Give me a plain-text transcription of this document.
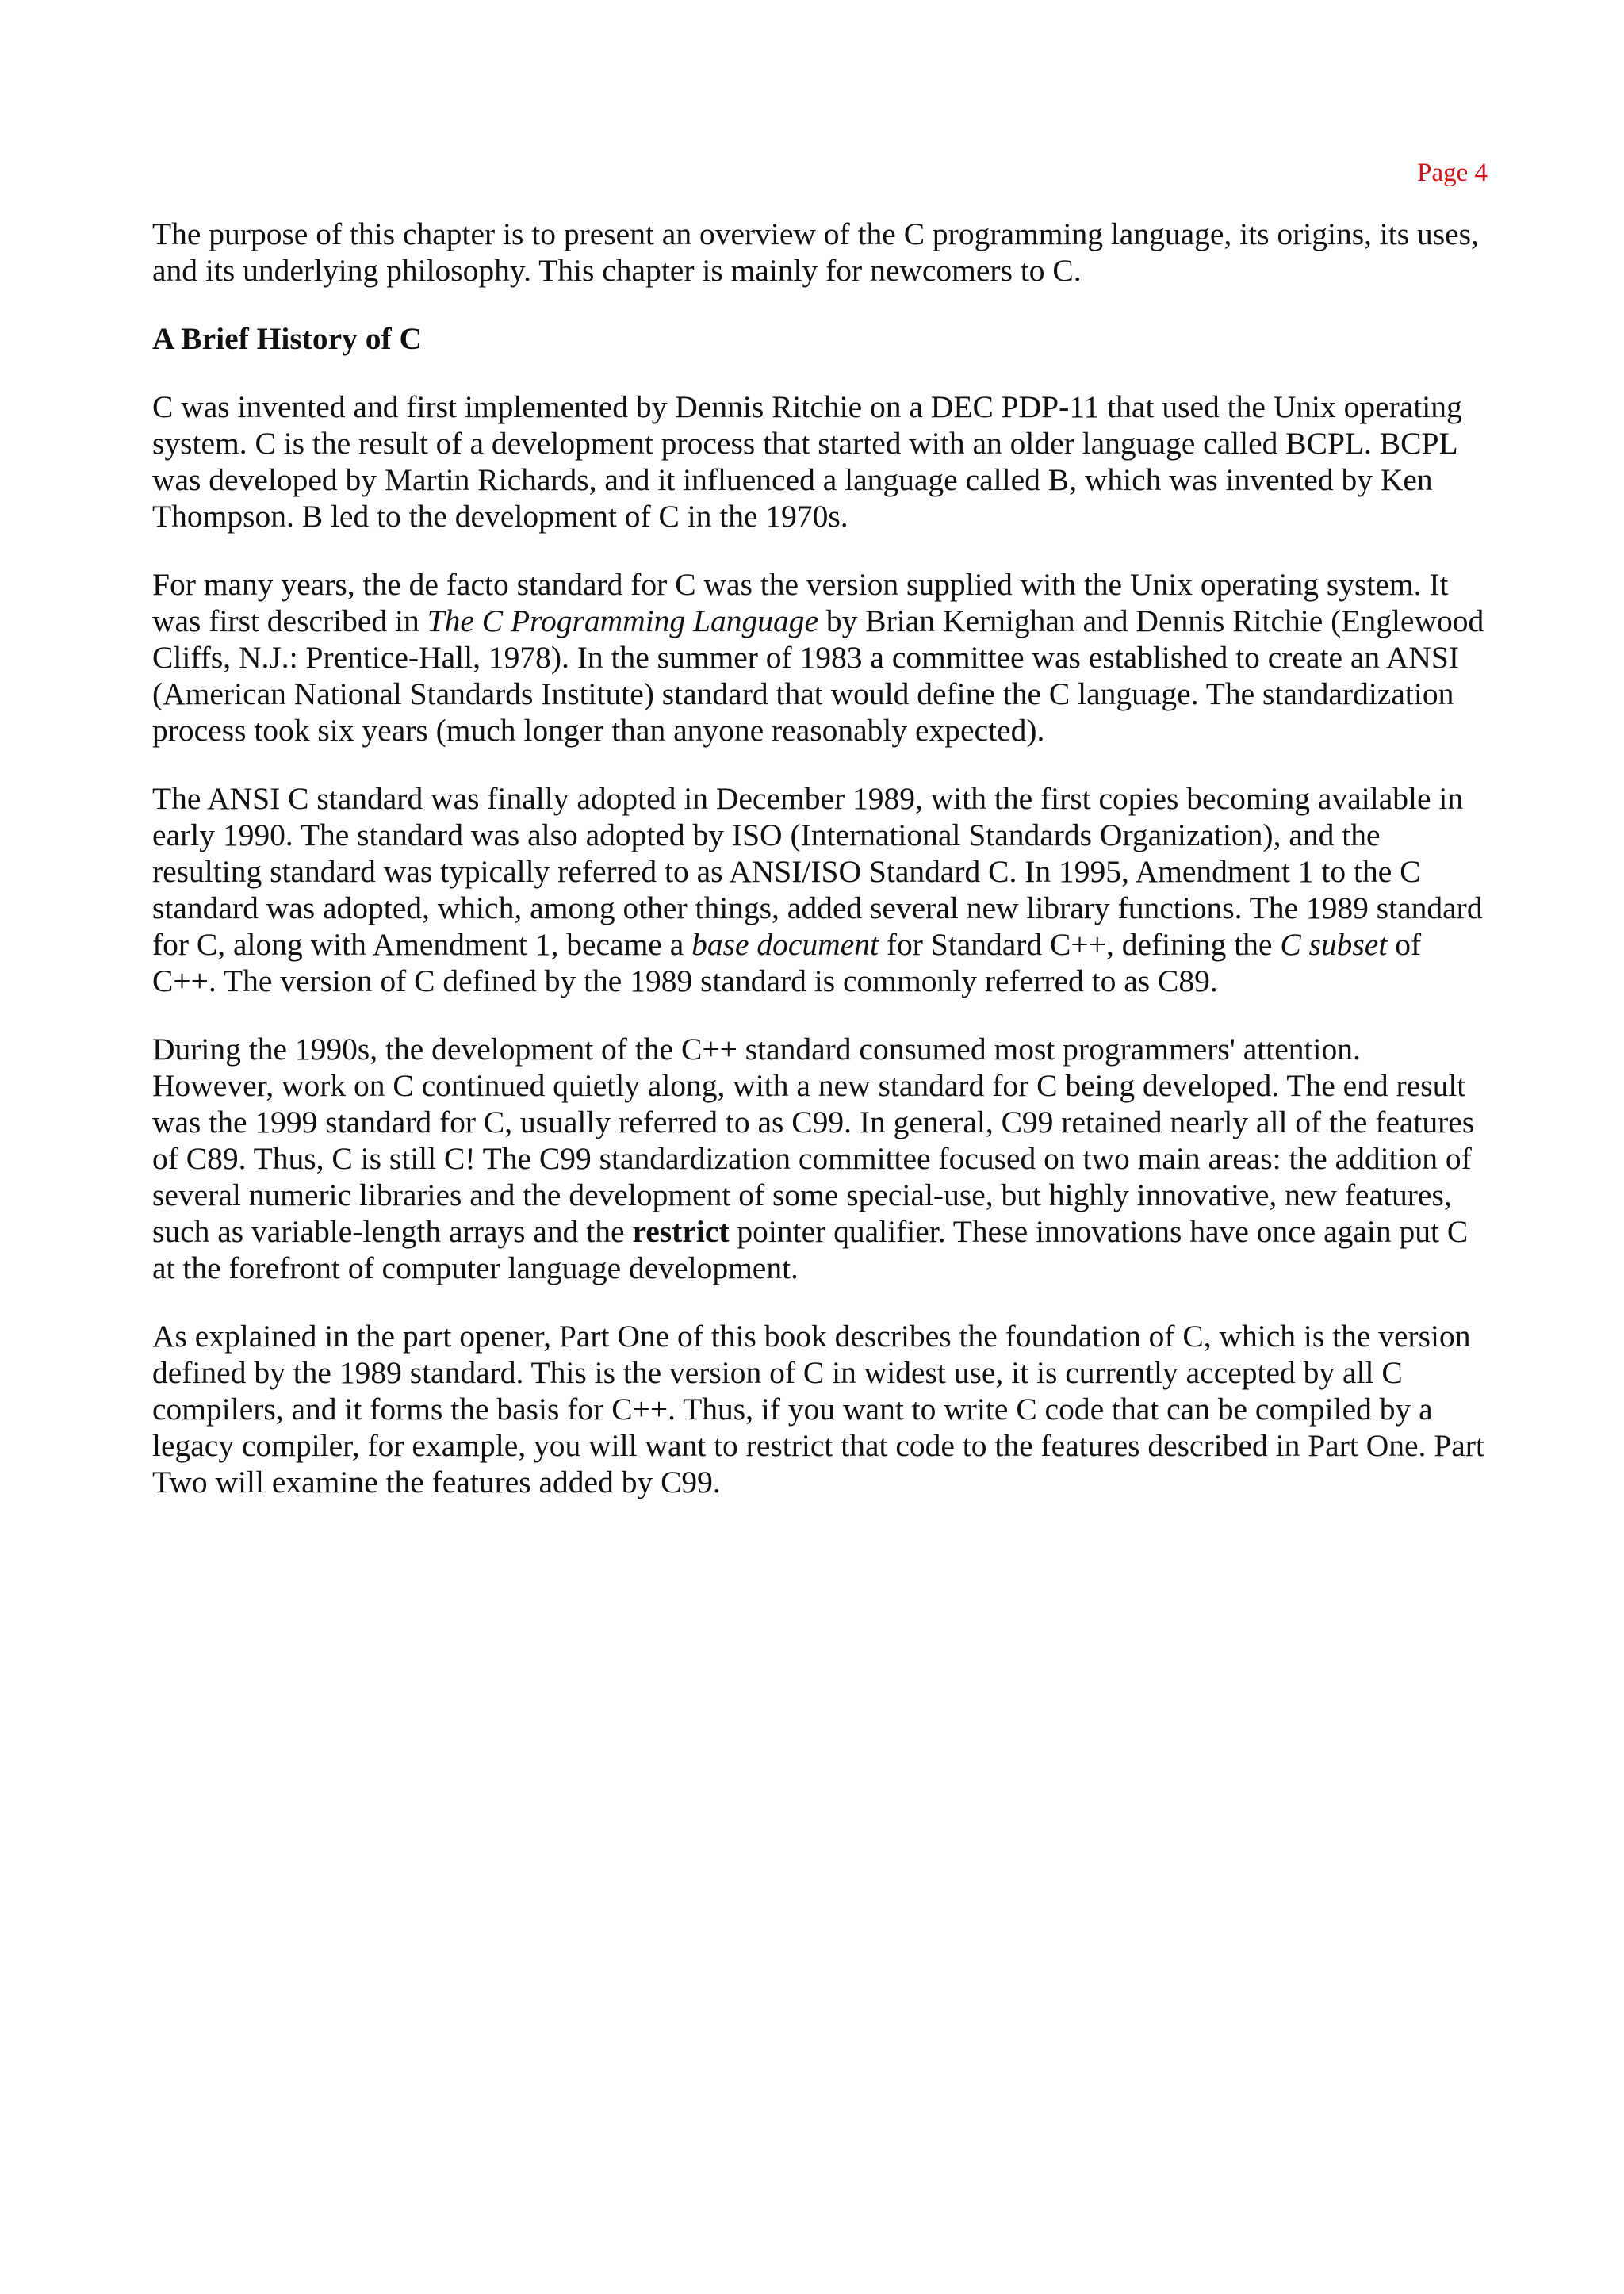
Page 4

The purpose of this chapter is to present an overview of the C programming language, its origins, its uses, and its underlying philosophy. This chapter is mainly for newcomers to C.

A Brief History of C

C was invented and first implemented by Dennis Ritchie on a DEC PDP-11 that used the Unix operating system. C is the result of a development process that started with an older language called BCPL. BCPL was developed by Martin Richards, and it influenced a language called B, which was invented by Ken Thompson. B led to the development of C in the 1970s.

For many years, the de facto standard for C was the version supplied with the Unix operating system. It was first described in The C Programming Language by Brian Kernighan and Dennis Ritchie (Englewood Cliffs, N.J.: Prentice-Hall, 1978). In the summer of 1983 a committee was established to create an ANSI (American National Standards Institute) standard that would define the C language. The standardization process took six years (much longer than anyone reasonably expected).

The ANSI C standard was finally adopted in December 1989, with the first copies becoming available in early 1990. The standard was also adopted by ISO (International Standards Organization), and the resulting standard was typically referred to as ANSI/ISO Standard C. In 1995, Amendment 1 to the C standard was adopted, which, among other things, added several new library functions. The 1989 standard for C, along with Amendment 1, became a base document for Standard C++, defining the C subset of C++. The version of C defined by the 1989 standard is commonly referred to as C89.

During the 1990s, the development of the C++ standard consumed most programmers' attention. However, work on C continued quietly along, with a new standard for C being developed. The end result was the 1999 standard for C, usually referred to as C99. In general, C99 retained nearly all of the features of C89. Thus, C is still C! The C99 standardization committee focused on two main areas: the addition of several numeric libraries and the development of some special-use, but highly innovative, new features, such as variable-length arrays and the restrict pointer qualifier. These innovations have once again put C at the forefront of computer language development.

As explained in the part opener, Part One of this book describes the foundation of C, which is the version defined by the 1989 standard. This is the version of C in widest use, it is currently accepted by all C compilers, and it forms the basis for C++. Thus, if you want to write C code that can be compiled by a legacy compiler, for example, you will want to restrict that code to the features described in Part One. Part Two will examine the features added by C99.
